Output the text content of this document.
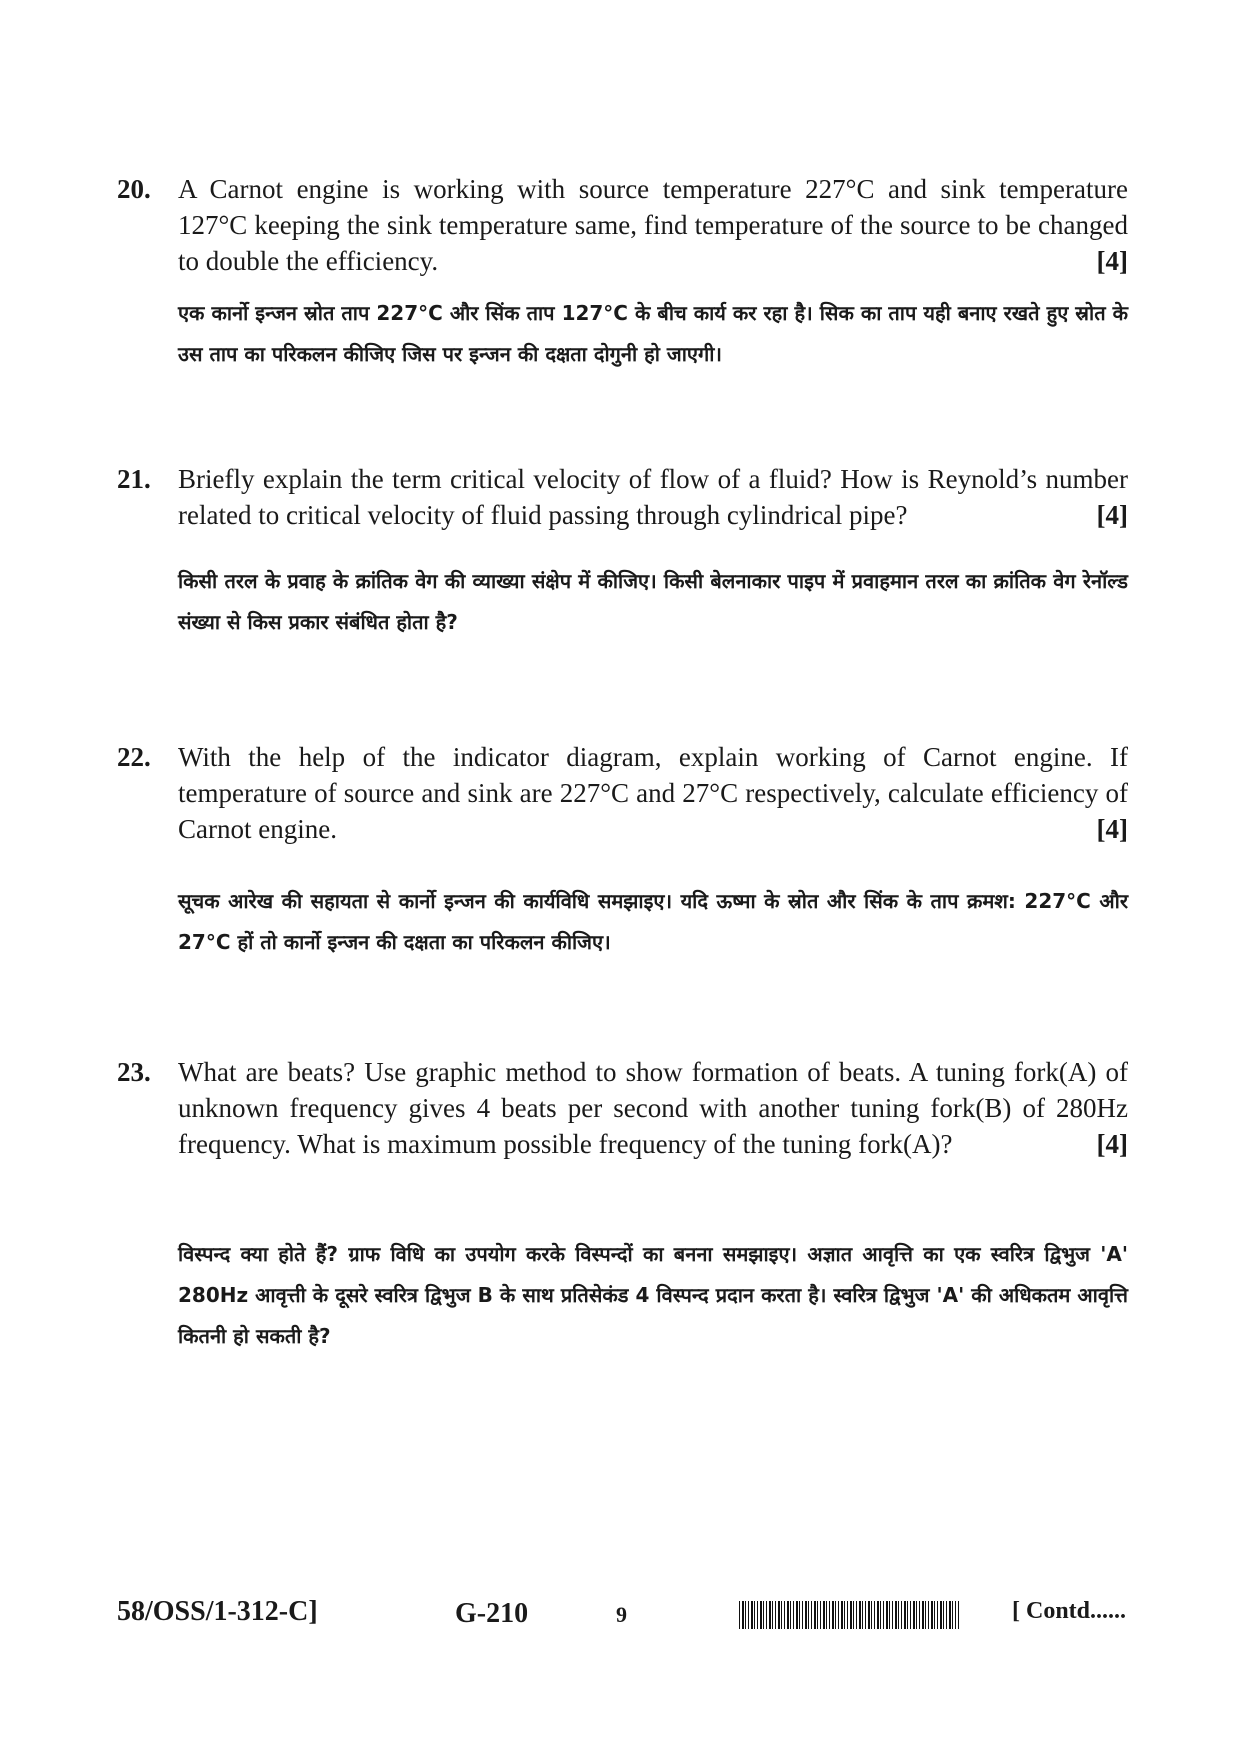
20. A Carnot engine is working with source temperature 227°C and sink temperature 127°C keeping the sink temperature same, find temperature of the source to be changed to double the efficiency.	[4]

एक कार्नो इन्जन स्रोत ताप 227°C और सिंक ताप 127°C के बीच कार्य कर रहा है। सिक का ताप यही बनाए रखते हुए स्रोत के उस ताप का परिकलन कीजिए जिस पर इन्जन की दक्षता दोगुनी हो जाएगी।

21. Briefly explain the term critical velocity of flow of a fluid? How is Reynold’s number related to critical velocity of fluid passing through cylindrical pipe?	[4]

किसी तरल के प्रवाह के क्रांतिक वेग की व्याख्या संक्षेप में कीजिए। किसी बेलनाकार पाइप में प्रवाहमान तरल का क्रांतिक वेग रेनॉल्ड संख्या से किस प्रकार संबंधित होता है?

22. With the help of the indicator diagram, explain working of Carnot engine. If temperature of source and sink are 227°C and 27°C respectively, calculate efficiency of Carnot engine.	[4]

सूचक आरेख की सहायता से कार्नो इन्जन की कार्यविधि समझाइए। यदि ऊष्मा के स्रोत और सिंक के ताप क्रमश: 227°C और 27°C हों तो कार्नो इन्जन की दक्षता का परिकलन कीजिए।

23. What are beats? Use graphic method to show formation of beats. A tuning fork(A) of unknown frequency gives 4 beats per second with another tuning fork(B) of 280Hz frequency. What is maximum possible frequency of the tuning fork(A)?	[4]

विस्पन्द क्या होते हैं? ग्राफ विधि का उपयोग करके विस्पन्दों का बनना समझाइए। अज्ञात आवृत्ति का एक स्वरित्र द्विभुज 'A' 280Hz आवृत्ती के दूसरे स्वरित्र द्विभुज B के साथ प्रतिसेकंड 4 विस्पन्द प्रदान करता है। स्वरित्र द्विभुज 'A' की अधिकतम आवृत्ति कितनी हो सकती है?

58/OSS/1-312-C]	G-210	9	[ Contd......
